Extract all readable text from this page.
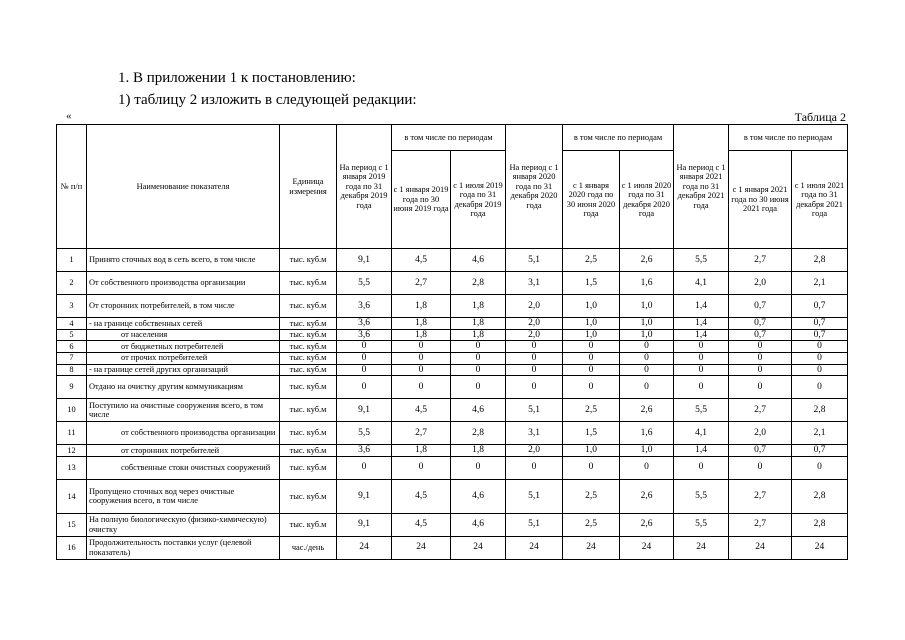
1. В приложении 1 к постановлению:
1) таблицу 2 изложить в следующей редакции:
«	Таблица 2
№ п/п	Наименование показателя	Единица измерения	На период с 1 января 2019 года по 31 декабря 2019 года	в том числе по периодам		На период с 1 января 2020 года по 31 декабря 2020 года	в том числе по периодам		На период с 1 января 2021 года по 31 декабря 2021 года	в том числе по периодам	
				с 1 января 2019 года по 30 июня 2019 года	с 1 июля 2019 года по 31 декабря 2019 года		с 1 января 2020 года по 30 июня 2020 года	с 1 июля 2020 года по 31 декабря 2020 года		с 1 января 2021 года по 30 июня 2021 года	с 1 июля 2021 года по 31 декабря 2021 года
1	Принято сточных вод в сеть всего, в том числе	тыс. куб.м	9,1	4,5	4,6	5,1	2,5	2,6	5,5	2,7	2,8
2	От собственного производства организации	тыс. куб.м	5,5	2,7	2,8	3,1	1,5	1,6	4,1	2,0	2,1
3	От сторонних потребителей, в том числе	тыс. куб.м	3,6	1,8	1,8	2,0	1,0	1,0	1,4	0,7	0,7
4	- на границе собственных сетей	тыс. куб.м	3,6	1,8	1,8	2,0	1,0	1,0	1,4	0,7	0,7
5	от населения	тыс. куб.м	3,6	1,8	1,8	2,0	1,0	1,0	1,4	0,7	0,7
6	от бюджетных потребителей	тыс. куб.м	0	0	0	0	0	0	0	0	0
7	от прочих потребителей	тыс. куб.м	0	0	0	0	0	0	0	0	0
8	- на границе сетей других организаций	тыс. куб.м	0	0	0	0	0	0	0	0	0
9	Отдано на очистку другим коммуникациям	тыс. куб.м	0	0	0	0	0	0	0	0	0
10	Поступило на очистные сооружения всего, в том числе	тыс. куб.м	9,1	4,5	4,6	5,1	2,5	2,6	5,5	2,7	2,8
11	от собственного производства организации	тыс. куб.м	5,5	2,7	2,8	3,1	1,5	1,6	4,1	2,0	2,1
12	от сторонних потребителей	тыс. куб.м	3,6	1,8	1,8	2,0	1,0	1,0	1,4	0,7	0,7
13	собственные стоки очистных сооружений	тыс. куб.м	0	0	0	0	0	0	0	0	0
14	Пропущено сточных вод через очистные сооружения всего, в том числе	тыс. куб.м	9,1	4,5	4,6	5,1	2,5	2,6	5,5	2,7	2,8
15	На полную биологическую (физико-химическую) очистку	тыс. куб.м	9,1	4,5	4,6	5,1	2,5	2,6	5,5	2,7	2,8
16	Продолжительность поставки услуг (целевой показатель)	час./день	24	24	24	24	24	24	24	24	24
